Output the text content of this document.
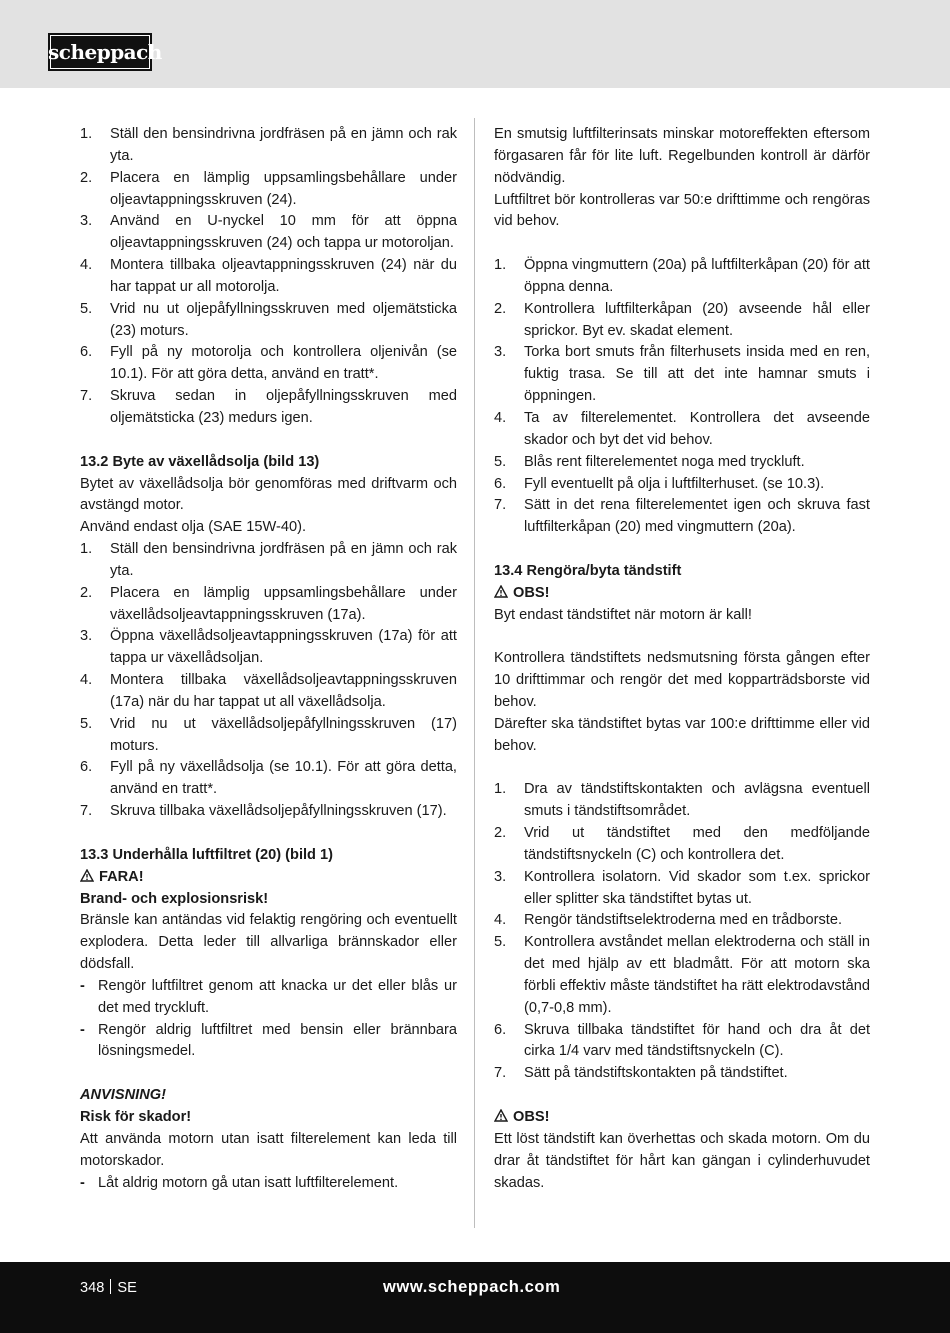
scheppach
1.	Ställ den bensindrivna jordfräsen på en jämn och rak yta.
2.	Placera en lämplig uppsamlingsbehållare under oljeavtappningsskruven (24).
3.	Använd en U-nyckel 10 mm för att öppna oljeavtappningsskruven (24) och tappa ur motoroljan.
4.	Montera tillbaka oljeavtappningsskruven (24) när du har tappat ur all motorolja.
5.	Vrid nu ut oljepåfyllningsskruven med oljemätsticka (23) moturs.
6.	Fyll på ny motorolja och kontrollera oljenivån (se 10.1). För att göra detta, använd en tratt*.
7.	Skruva sedan in oljepåfyllningsskruven med oljemätsticka (23) medurs igen.

13.2 Byte av växellådsolja (bild 13)

Bytet av växellådsolja bör genomföras med driftvarm och avstängd motor.

Använd endast olja (SAE 15W-40).

1.	Ställ den bensindrivna jordfräsen på en jämn och rak yta.
2.	Placera en lämplig uppsamlingsbehållare under växellådsoljeavtappningsskruven (17a).
3.	Öppna växellådsoljeavtappningsskruven (17a) för att tappa ur växellådsoljan.
4.	Montera tillbaka växellådsoljeavtappningsskruven (17a) när du har tappat ut all växellådsolja.
5.	Vrid nu ut växellådsoljepåfyllningsskruven (17) moturs.
6.	Fyll på ny växellådsolja (se 10.1). För att göra detta, använd en tratt*.
7.	Skruva tillbaka växellådsoljepåfyllningsskruven (17).

13.3 Underhålla luftfiltret (20) (bild 1)

FARA!

Brand- och explosionsrisk!

Bränsle kan antändas vid felaktig rengöring och eventuellt explodera. Detta leder till allvarliga brännskador eller dödsfall.

- Rengör luftfiltret genom att knacka ur det eller blås ur det med tryckluft.
- Rengör aldrig luftfiltret med bensin eller brännbara lösningsmedel.

ANVISNING!

Risk för skador!

Att använda motorn utan isatt filterelement kan leda till motorskador.

- Låt aldrig motorn gå utan isatt luftfilterelement.

En smutsig luftfilterinsats minskar motoreffekten eftersom förgasaren får för lite luft. Regelbunden kontroll är därför nödvändig.

Luftfiltret bör kontrolleras var 50:e drifttimme och rengöras vid behov.

1.	Öppna vingmuttern (20a) på luftfilterkåpan (20) för att öppna denna.
2.	Kontrollera luftfilterkåpan (20) avseende hål eller sprickor. Byt ev. skadat element.
3.	Torka bort smuts från filterhusets insida med en ren, fuktig trasa. Se till att det inte hamnar smuts i öppningen.
4.	Ta av filterelementet. Kontrollera det avseende skador och byt det vid behov.
5.	Blås rent filterelementet noga med tryckluft.
6.	Fyll eventuellt på olja i luftfilterhuset. (se 10.3).
7.	Sätt in det rena filterelementet igen och skruva fast luftfilterkåpan (20) med vingmuttern (20a).

13.4 Rengöra/byta tändstift

OBS!

Byt endast tändstiftet när motorn är kall!

Kontrollera tändstiftets nedsmutsning första gången efter 10 drifttimmar och rengör det med kopparträdsborste vid behov.

Därefter ska tändstiftet bytas var 100:e drifttimme eller vid behov.

1.	Dra av tändstiftskontakten och avlägsna eventuell smuts i tändstiftsområdet.
2.	Vrid ut tändstiftet med den medföljande tändstiftsnyckeln (C) och kontrollera det.
3.	Kontrollera isolatorn. Vid skador som t.ex. sprickor eller splitter ska tändstiftet bytas ut.
4.	Rengör tändstiftselektroderna med en trådborste.
5.	Kontrollera avståndet mellan elektroderna och ställ in det med hjälp av ett bladmått. För att motorn ska förbli effektiv måste tändstiftet ha rätt elektrodavstånd (0,7-0,8 mm).
6.	Skruva tillbaka tändstiftet för hand och dra åt det cirka 1/4 varv med tändstiftsnyckeln (C).
7.	Sätt på tändstiftskontakten på tändstiftet.

OBS!

Ett löst tändstift kan överhettas och skada motorn. Om du drar åt tändstiftet för hårt kan gängan i cylinderhuvudet skadas.

348 SE	www.scheppach.com
